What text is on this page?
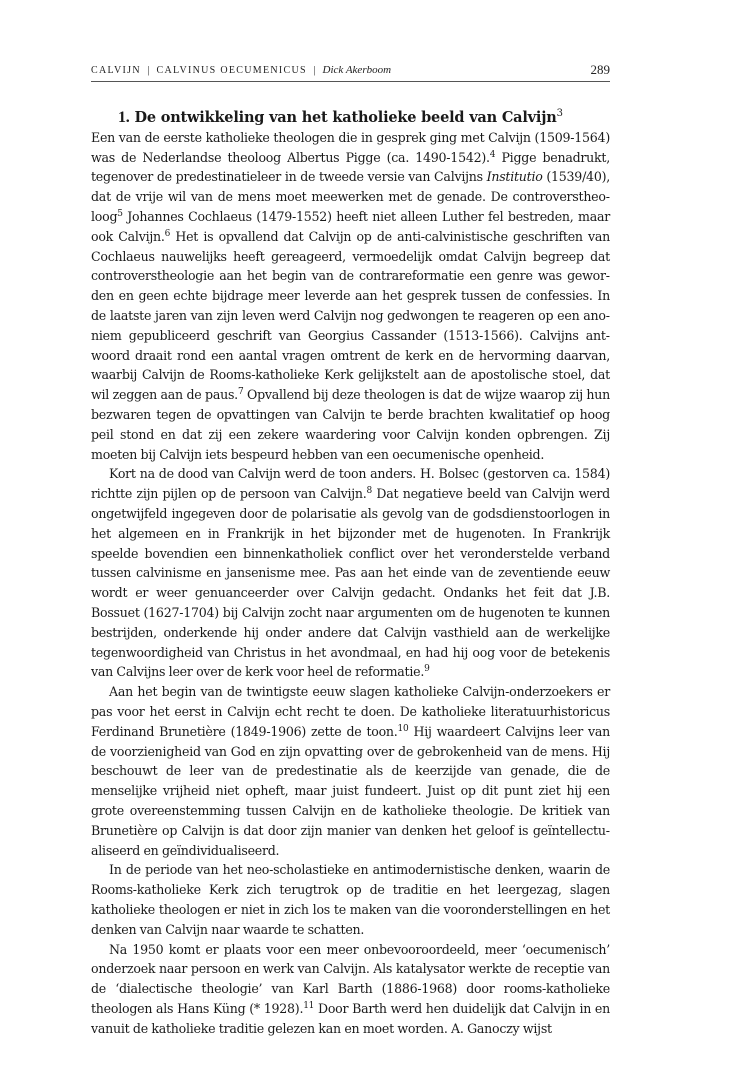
CALVIJN | CALVINUS OECUMENICUS | Dick Akerboom	289
1. De ontwikkeling van het katholieke beeld van Calvijn$^3$

Een van de eerste katholieke theologen die in gesprek ging met Calvijn (1509-1564) was de Nederlandse theoloog Albertus Pigge (ca. 1490-1542).$^4$ Pigge benadrukt, tegenover de predestinatieleer in de tweede versie van Calvijns Institutio (1539/40), dat de vrije wil van de mens moet meewerken met de genade. De controverstheoloog$^5$ Johannes Cochlaeus (1479-1552) heeft niet alleen Luther fel bestreden, maar ook Calvijn.$^6$ Het is opvallend dat Calvijn op de anti-calvinistische geschriften van Cochlaeus nauwelijks heeft gereageerd, vermoedelijk omdat Calvijn begreep dat controverstheologie aan het begin van de contrareformatie een genre was geworden en geen echte bijdrage meer leverde aan het gesprek tussen de confessies. In de laatste jaren van zijn leven werd Calvijn nog gedwongen te reageren op een anoniem gepubliceerd geschrift van Georgius Cassander (1513-1566). Calvijns antwoord draait rond een aantal vragen omtrent de kerk en de hervorming daarvan, waarbij Calvijn de Rooms-katholieke Kerk gelijkstelt aan de apostolische stoel, dat wil zeggen aan de paus.$^7$ Opvallend bij deze theologen is dat de wijze waarop zij hun bezwaren tegen de opvattingen van Calvijn te berde brachten kwalitatief op hoog peil stond en dat zij een zekere waardering voor Calvijn konden opbrengen. Zij moeten bij Calvijn iets bespeurd hebben van een oecumenische openheid.

Kort na de dood van Calvijn werd de toon anders. H. Bolsec (gestorven ca. 1584) richtte zijn pijlen op de persoon van Calvijn.$^8$ Dat negatieve beeld van Calvijn werd ongetwijfeld ingegeven door de polarisatie als gevolg van de godsdienstoorlogen in het algemeen en in Frankrijk in het bijzonder met de hugenoten. In Frankrijk speelde bovendien een binnenkatholiek conflict over het veronderstelde verband tussen calvinisme en jansenisme mee. Pas aan het einde van de zeventiende eeuw wordt er weer genuanceerder over Calvijn gedacht. Ondanks het feit dat J.B. Bossuet (1627-1704) bij Calvijn zocht naar argumenten om de hugenoten te kunnen bestrijden, onderkende hij onder andere dat Calvijn vasthield aan de werkelijke tegenwoordigheid van Christus in het avondmaal, en had hij oog voor de betekenis van Calvijns leer over de kerk voor heel de reformatie.$^9$

Aan het begin van de twintigste eeuw slagen katholieke Calvijn-onderzoekers er pas voor het eerst in Calvijn echt recht te doen. De katholieke literatuurhistoricus Ferdinand Brunetière (1849-1906) zette de toon.$^{10}$ Hij waardeert Calvijns leer van de voorzienigheid van God en zijn opvatting over de gebrokenheid van de mens. Hij beschouwt de leer van de predestinatie als de keerzijde van genade, die de menselijke vrijheid niet opheft, maar juist fundeert. Juist op dit punt ziet hij een grote overeenstemming tussen Calvijn en de katholieke theologie. De kritiek van Brunetière op Calvijn is dat door zijn manier van denken het geloof is geïntellectualiseerd en geïndividualiseerd.

In de periode van het neo-scholastieke en antimodernistische denken, waarin de Rooms-katholieke Kerk zich terugtrok op de traditie en het leergezag, slagen katholieke theologen er niet in zich los te maken van die vooronderstellingen en het denken van Calvijn naar waarde te schatten.

Na 1950 komt er plaats voor een meer onbevooroordeeld, meer ‘oecumenisch’ onderzoek naar persoon en werk van Calvijn. Als katalysator werkte de receptie van de ‘dialectische theologie’ van Karl Barth (1886-1968) door rooms-katholieke theologen als Hans Küng (* 1928).$^{11}$ Door Barth werd hen duidelijk dat Calvijn in en vanuit de katholieke traditie gelezen kan en moet worden. A. Ganoczy wijst
